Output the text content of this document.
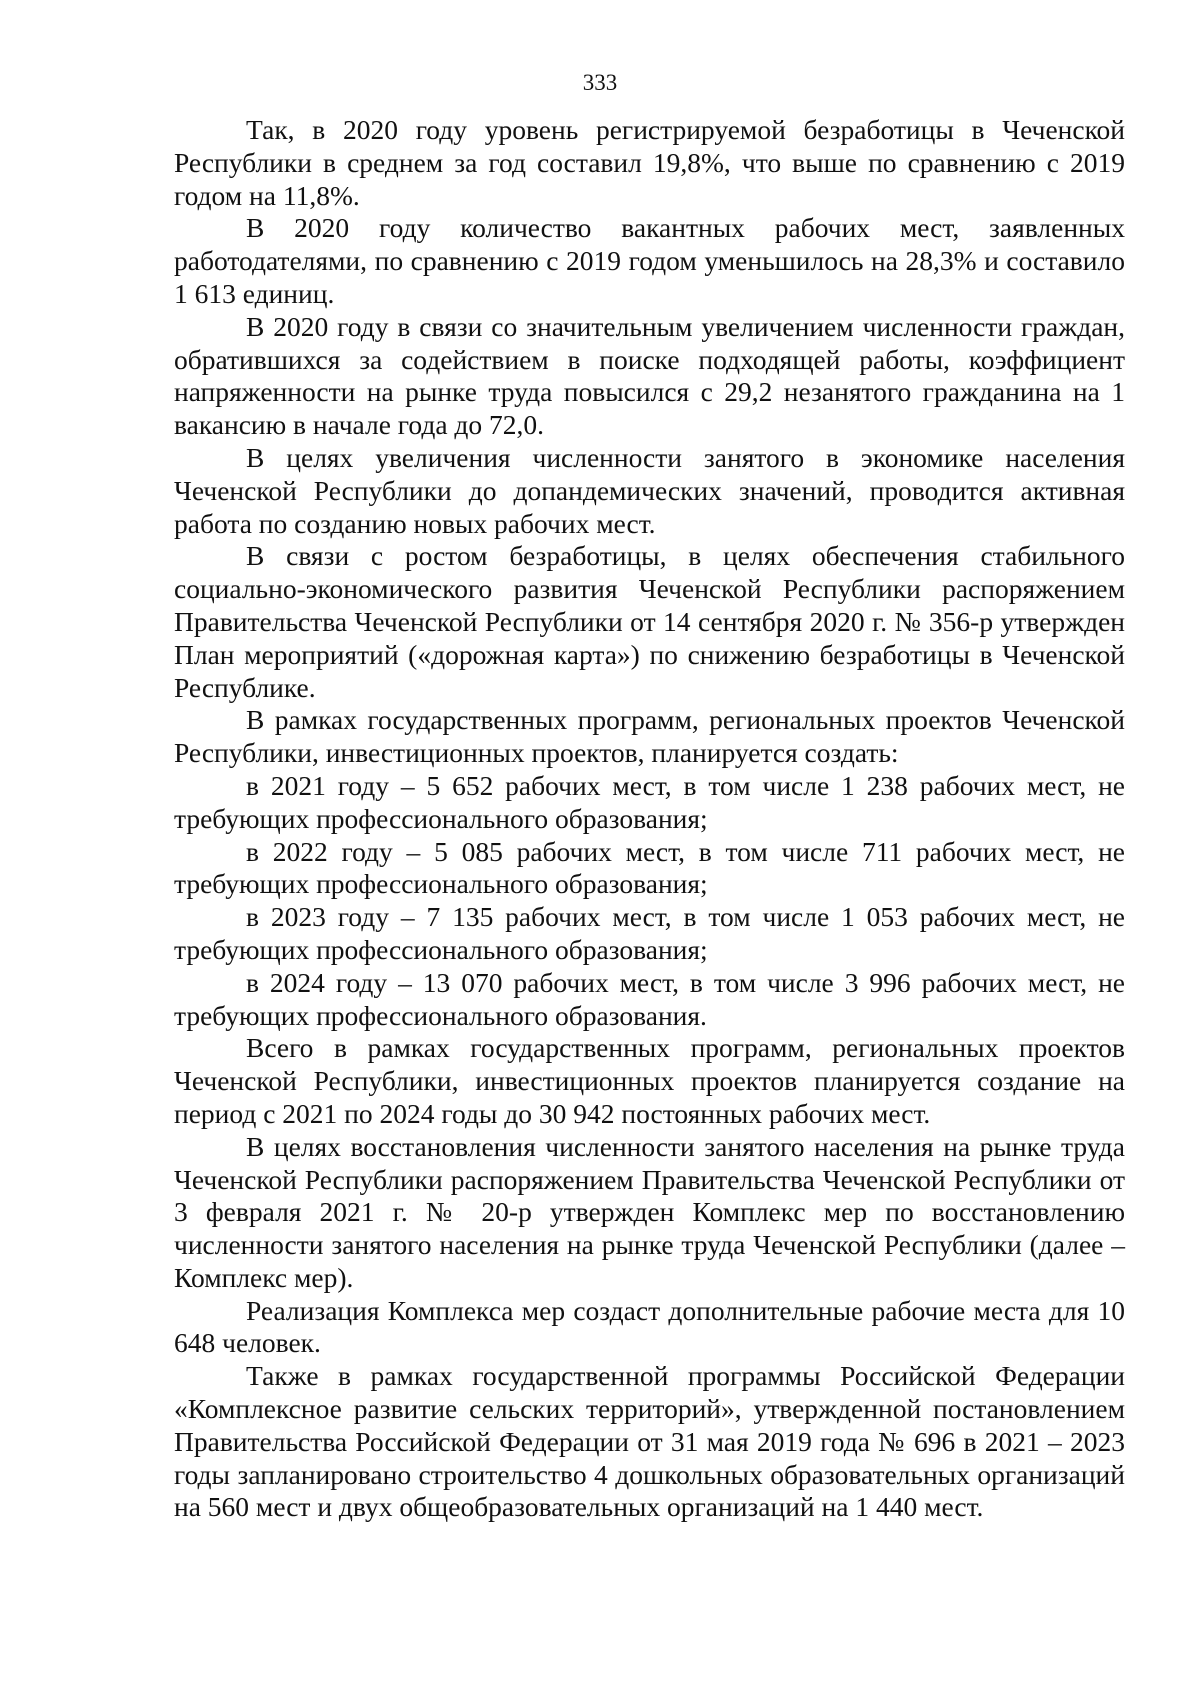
333

Так, в 2020 году уровень регистрируемой безработицы в Чеченской Республики в среднем за год составил 19,8%, что выше по сравнению с 2019 годом на 11,8%.

В 2020 году количество вакантных рабочих мест, заявленных работодателями, по сравнению с 2019 годом уменьшилось на 28,3% и составило 1 613 единиц.

В 2020 году в связи со значительным увеличением численности граждан, обратившихся за содействием в поиске подходящей работы, коэффициент напряженности на рынке труда повысился с 29,2 незанятого гражданина на 1 вакансию в начале года до 72,0.

В целях увеличения численности занятого в экономике населения Чеченской Республики до допандемических значений, проводится активная работа по созданию новых рабочих мест.

В связи с ростом безработицы, в целях обеспечения стабильного социально-экономического развития Чеченской Республики распоряжением Правительства Чеченской Республики от 14 сентября 2020 г. № 356-р утвержден План мероприятий («дорожная карта») по снижению безработицы в Чеченской Республике.

В рамках государственных программ, региональных проектов Чеченской Республики, инвестиционных проектов, планируется создать:

в 2021 году – 5 652 рабочих мест, в том числе 1 238 рабочих мест, не требующих профессионального образования;

в 2022 году – 5 085 рабочих мест, в том числе 711 рабочих мест, не требующих профессионального образования;

в 2023 году – 7 135 рабочих мест, в том числе 1 053 рабочих мест, не требующих профессионального образования;

в 2024 году – 13 070 рабочих мест, в том числе 3 996 рабочих мест, не требующих профессионального образования.

Всего в рамках государственных программ, региональных проектов Чеченской Республики, инвестиционных проектов планируется создание на период с 2021 по 2024 годы до 30 942 постоянных рабочих мест.

В целях восстановления численности занятого населения на рынке труда Чеченской Республики распоряжением Правительства Чеченской Республики от 3 февраля 2021 г. № 20-р утвержден Комплекс мер по восстановлению численности занятого населения на рынке труда Чеченской Республики (далее – Комплекс мер).

Реализация Комплекса мер создаст дополнительные рабочие места для 10 648 человек.

Также в рамках государственной программы Российской Федерации «Комплексное развитие сельских территорий», утвержденной постановлением Правительства Российской Федерации от 31 мая 2019 года № 696 в 2021 – 2023 годы запланировано строительство 4 дошкольных образовательных организаций на 560 мест и двух общеобразовательных организаций на 1 440 мест.
